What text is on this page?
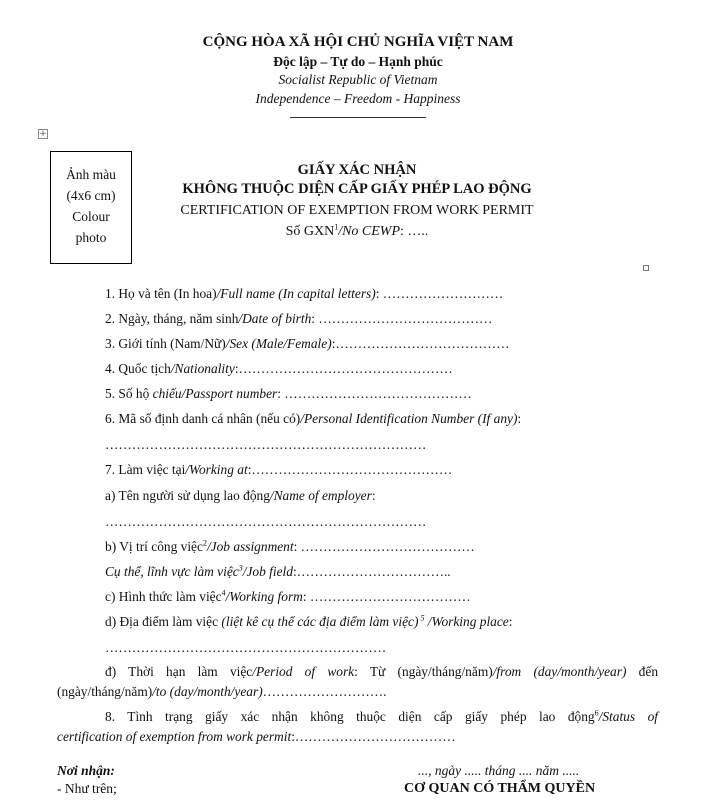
CỘNG HÒA XÃ HỘI CHỦ NGHĨA VIỆT NAM
Độc lập – Tự do – Hạnh phúc
Socialist Republic of Vietnam
Independence – Freedom - Happiness
+
Ảnh màu
(4x6 cm)
Colour
photo
GIẤY XÁC NHẬN
KHÔNG THUỘC DIỆN CẤP GIẤY PHÉP LAO ĐỘNG
CERTIFICATION OF EXEMPTION FROM WORK PERMIT
Số GXN$^1$/No CEWP: …..
1. Họ và tên (In hoa)/Full name (In capital letters): ………………………
2. Ngày, tháng, năm sinh/Date of birth: …………………………………
3. Giới tính (Nam/Nữ)/Sex (Male/Female):…………………………………
4. Quốc tịch/Nationality:…………………………………………
5. Số hộ chiếu/Passport number: ……………………………………
6. Mã số định danh cá nhân (nếu có)/Personal Identification Number (If any):
………………………………………………………………
7. Làm việc tại/Working at:………………………………………
a) Tên người sử dụng lao động/Name of employer:
………………………………………………………………
b) Vị trí công việc$^2$/Job assignment: …………………………………
Cụ thể, lĩnh vực làm việc$^3$/Job field:……………………………..
c) Hình thức làm việc$^4$/Working form: ………………………………
d) Địa điểm làm việc (liệt kê cụ thể các địa điểm làm việc) $^5$ /Working place:
………………………………………………………
đ) Thời hạn làm việc/Period of work: Từ (ngày/tháng/năm)/from (day/month/year) đến
(ngày/tháng/năm)/to (day/month/year)……………………….
8. Tình trạng giấy xác nhận không thuộc diện cấp giấy phép lao động$^6$/Status of
certification of exemption from work permit:………………………………
Nơi nhận:
- Như trên;
..., ngày ..... tháng .... năm .....
CƠ QUAN CÓ THẨM QUYỀN
